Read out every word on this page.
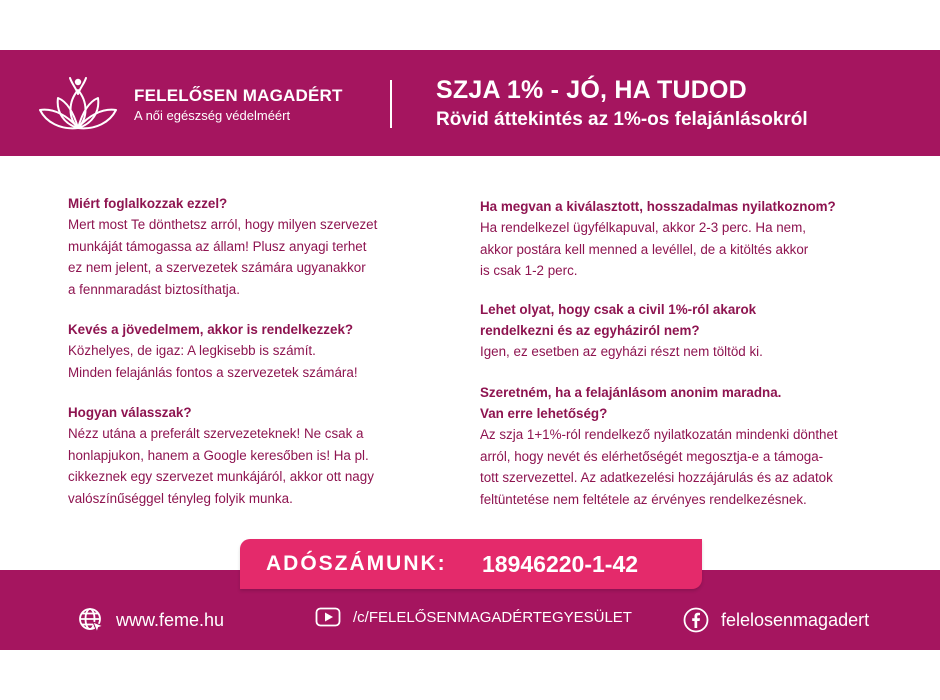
FELELŐSEN MAGADÉRT
A női egészség védelméért
SZJA 1% - JÓ, HA TUDOD
Rövid áttekintés az 1%-os felajánlásokról
Miért foglalkozzak ezzel?
Mert most Te dönthetsz arról, hogy milyen szervezet
munkáját támogassa az állam! Plusz anyagi terhet
ez nem jelent, a szervezetek számára ugyanakkor
a fennmaradást biztosíthatja.
Kevés a jövedelmem, akkor is rendelkezzek?
Közhelyes, de igaz: A legkisebb is számít.
Minden felajánlás fontos a szervezetek számára!
Hogyan válasszak?
Nézz utána a preferált szervezeteknek! Ne csak a
honlapjukon, hanem a Google keresőben is! Ha pl.
cikkeznek egy szervezet munkájáról, akkor ott nagy
valószínűséggel tényleg folyik munka.
Ha megvan a kiválasztott, hosszadalmas nyilatkoznom?
Ha rendelkezel ügyfélkapuval, akkor 2-3 perc. Ha nem,
akkor postára kell menned a levéllel, de a kitöltés akkor
is csak 1-2 perc.
Lehet olyat, hogy csak a civil 1%-ról akarok
rendelkezni és az egyháziról nem?
Igen, ez esetben az egyházi részt nem töltöd ki.
Szeretném, ha a felajánlásom anonim maradna.
Van erre lehetőség?
Az szja 1+1%-ról rendelkező nyilatkozatán mindenki dönthet
arról, hogy nevét és elérhetőségét megosztja-e a támoga-
tott szervezettel. Az adatkezelési hozzájárulás és az adatok
feltüntetése nem feltétele az érvényes rendelkezésnek.
www.feme.hu	/c/FELELŐSENMAGADÉRTEGYESÜLET	felelosenmagadert
ADÓSZÁMUNK: 18946220-1-42
